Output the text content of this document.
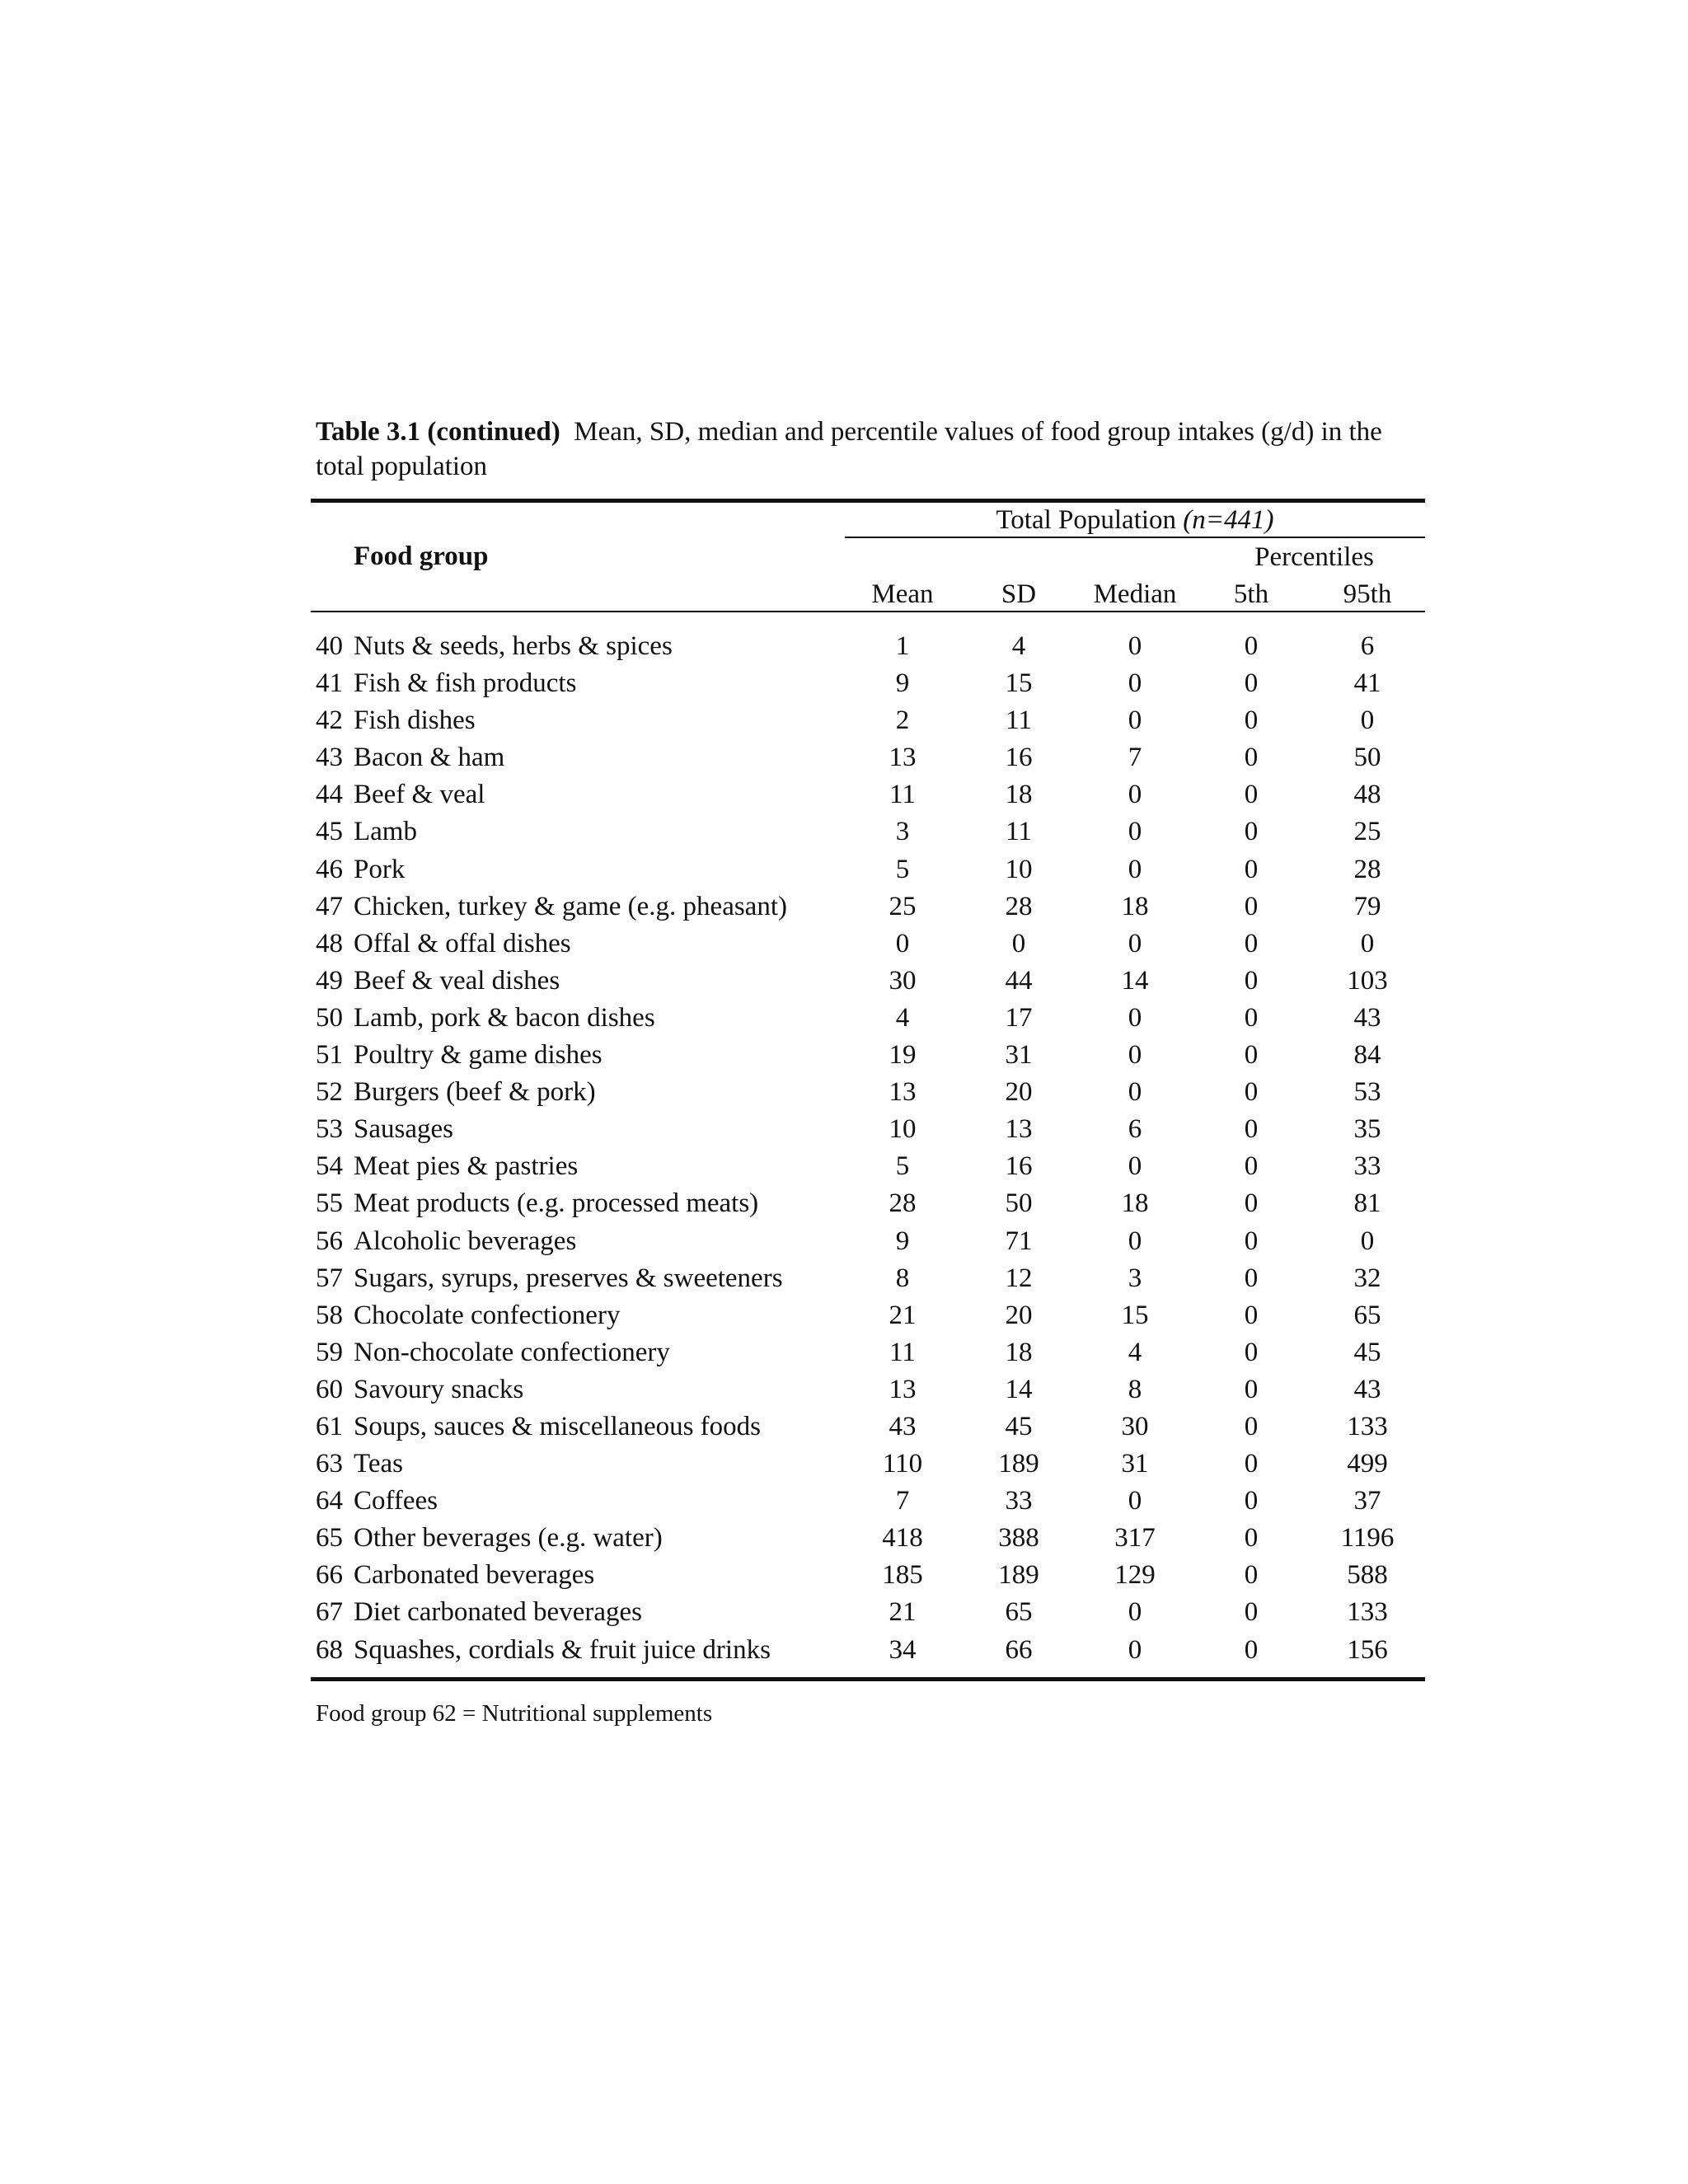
Table 3.1 (continued) Mean, SD, median and percentile values of food group intakes (g/d) in the total population
Total Population (n=441)
Food group	Percentiles
Mean	SD	Median	5th	95th
40 Nuts & seeds, herbs & spices	1	4	0	0	6
41 Fish & fish products	9	15	0	0	41
42 Fish dishes	2	11	0	0	0
43 Bacon & ham	13	16	7	0	50
44 Beef & veal	11	18	0	0	48
45 Lamb	3	11	0	0	25
46 Pork	5	10	0	0	28
47 Chicken, turkey & game (e.g. pheasant)	25	28	18	0	79
48 Offal & offal dishes	0	0	0	0	0
49 Beef & veal dishes	30	44	14	0	103
50 Lamb, pork & bacon dishes	4	17	0	0	43
51 Poultry & game dishes	19	31	0	0	84
52 Burgers (beef & pork)	13	20	0	0	53
53 Sausages	10	13	6	0	35
54 Meat pies & pastries	5	16	0	0	33
55 Meat products (e.g. processed meats)	28	50	18	0	81
56 Alcoholic beverages	9	71	0	0	0
57 Sugars, syrups, preserves & sweeteners	8	12	3	0	32
58 Chocolate confectionery	21	20	15	0	65
59 Non-chocolate confectionery	11	18	4	0	45
60 Savoury snacks	13	14	8	0	43
61 Soups, sauces & miscellaneous foods	43	45	30	0	133
63 Teas	110	189	31	0	499
64 Coffees	7	33	0	0	37
65 Other beverages (e.g. water)	418	388	317	0	1196
66 Carbonated beverages	185	189	129	0	588
67 Diet carbonated beverages	21	65	0	0	133
68 Squashes, cordials & fruit juice drinks	34	66	0	0	156
Food group 62 = Nutritional supplements
